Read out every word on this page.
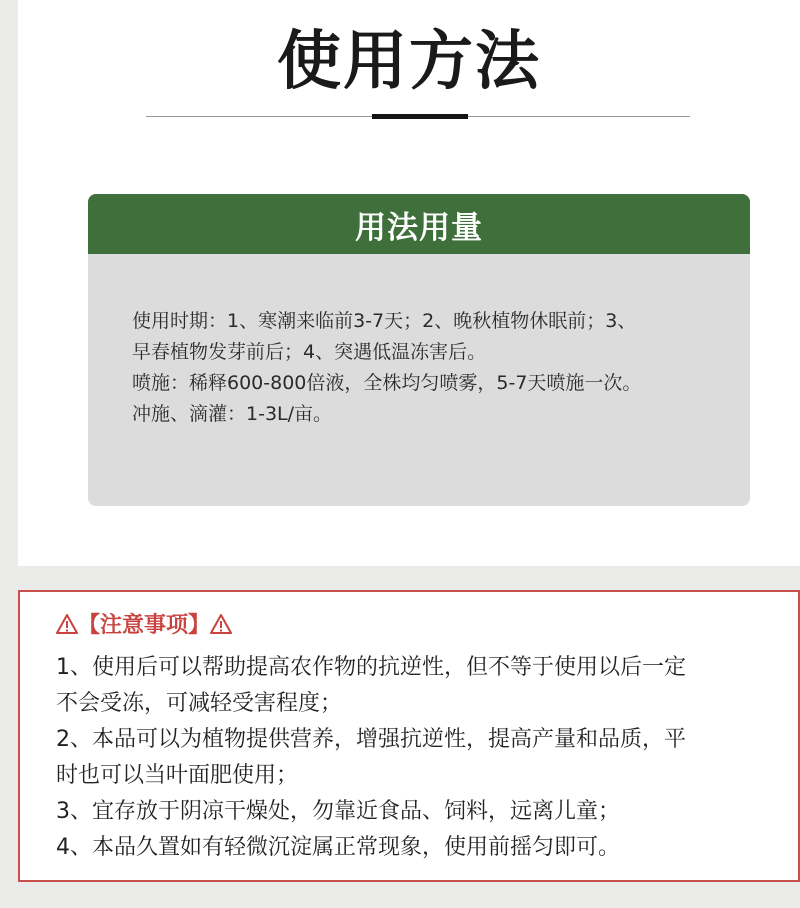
使用方法
用法用量

使用时期：1、寒潮来临前3-7天；2、晚秋植物休眠前；3、

早春植物发芽前后；4、突遇低温冻害后。

喷施：稀释600-800倍液，全株均匀喷雾，5-7天喷施一次。

冲施、滴灌：1-3L/亩。

【注意事项】

1、使用后可以帮助提高农作物的抗逆性，但不等于使用以后一定

不会受冻，可减轻受害程度；

2、本品可以为植物提供营养，增强抗逆性，提高产量和品质，平

时也可以当叶面肥使用；

3、宜存放于阴凉干燥处，勿靠近食品、饲料，远离儿童；

4、本品久置如有轻微沉淀属正常现象，使用前摇匀即可。
